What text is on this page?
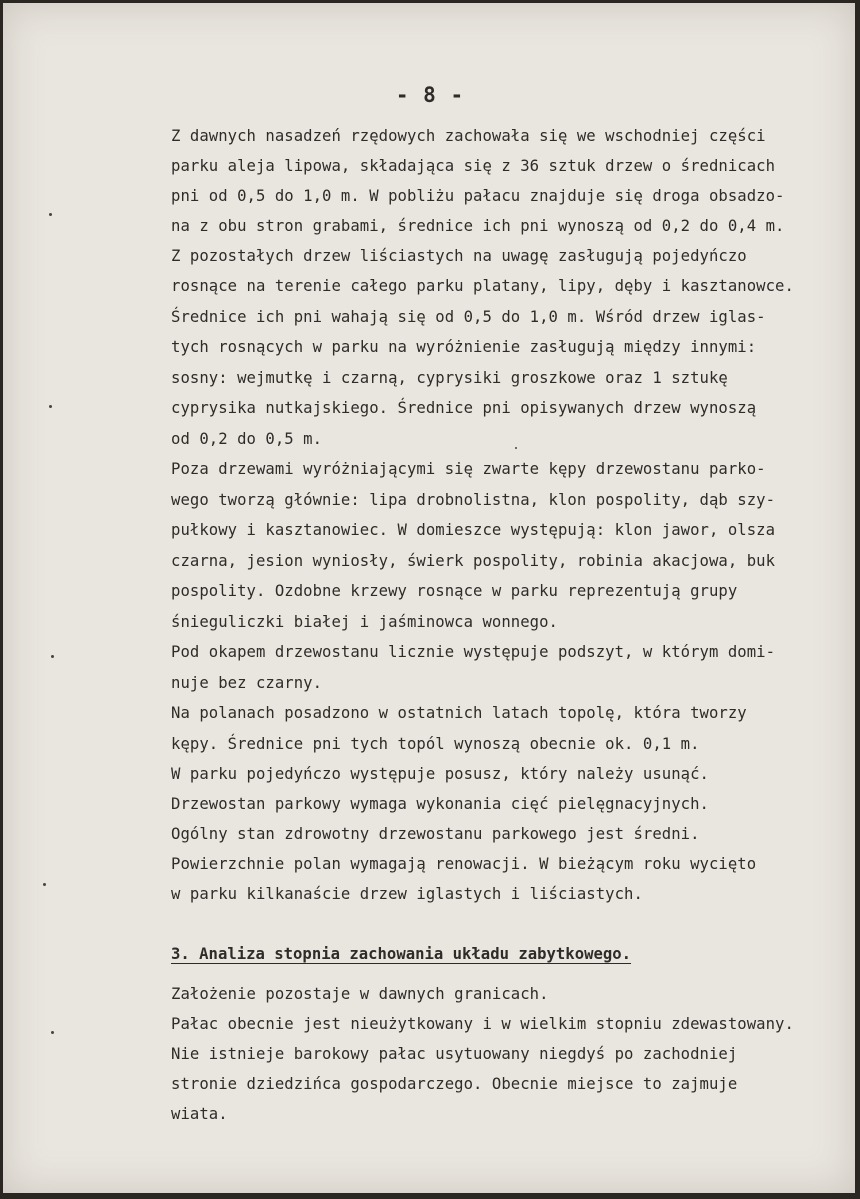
- 8 -
Z dawnych nasadzeń rzędowych zachowała się we wschodniej części
parku aleja lipowa, składająca się z 36 sztuk drzew o średnicach
pni od 0,5 do 1,0 m. W pobliżu pałacu znajduje się droga obsadzo-
na z obu stron grabami, średnice ich pni wynoszą od 0,2 do 0,4 m.
Z pozostałych drzew liściastych na uwagę zasługują pojedyńczo
rosnące na terenie całego parku platany, lipy, dęby i kasztanowce.
Średnice ich pni wahają się od 0,5 do 1,0 m. Wśród drzew iglas-
tych rosnących w parku na wyróżnienie zasługują między innymi:
sosny: wejmutkę i czarną, cyprysiki groszkowe oraz 1 sztukę
cyprysika nutkajskiego. Średnice pni opisywanych drzew wynoszą
od 0,2 do 0,5 m.
Poza drzewami wyróżniającymi się zwarte kępy drzewostanu parko-
wego tworzą głównie: lipa drobnolistna, klon pospolity, dąb szy-
pułkowy i kasztanowiec. W domieszce występują: klon jawor, olsza
czarna, jesion wyniosły, świerk pospolity, robinia akacjowa, buk
pospolity. Ozdobne krzewy rosnące w parku reprezentują grupy
śnieguliczki białej i jaśminowca wonnego.
Pod okapem drzewostanu licznie występuje podszyt, w którym domi-
nuje bez czarny.
Na polanach posadzono w ostatnich latach topolę, która tworzy
kępy. Średnice pni tych topól wynoszą obecnie ok. 0,1 m.
W parku pojedyńczo występuje posusz, który należy usunąć.
Drzewostan parkowy wymaga wykonania cięć pielęgnacyjnych.
Ogólny stan zdrowotny drzewostanu parkowego jest średni.
Powierzchnie polan wymagają renowacji. W bieżącym roku wycięto
w parku kilkanaście drzew iglastych i liściastych.
3. Analiza stopnia zachowania układu zabytkowego.
Założenie pozostaje w dawnych granicach.
Pałac obecnie jest nieużytkowany i w wielkim stopniu zdewastowany.
Nie istnieje barokowy pałac usytuowany niegdyś po zachodniej
stronie dziedzińca gospodarczego. Obecnie miejsce to zajmuje
wiata.
